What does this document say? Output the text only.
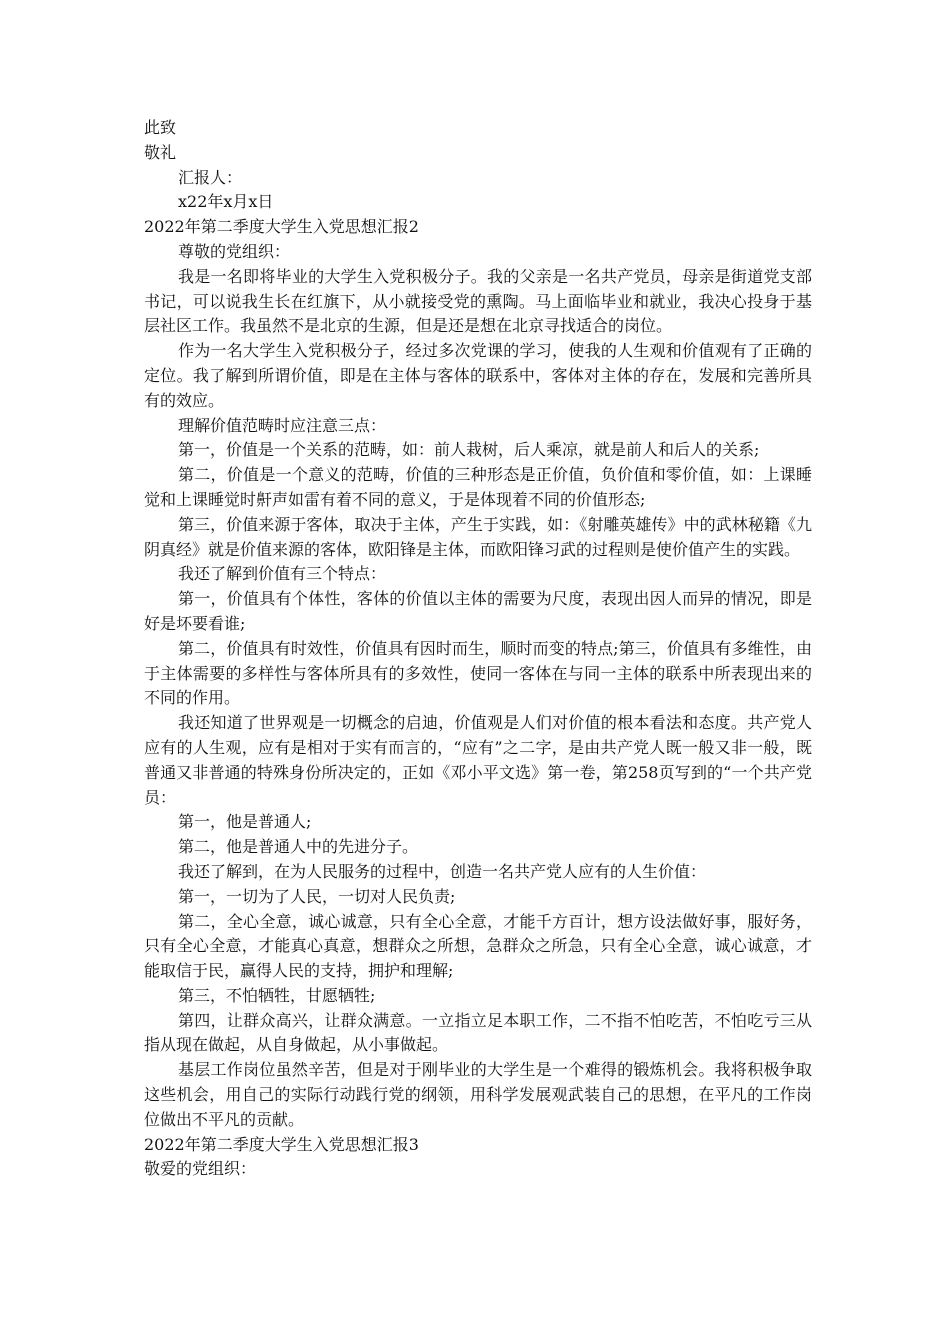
此致

敬礼

汇报人：

x22年x月x日

2022年第二季度大学生入党思想汇报2

尊敬的党组织：

我是一名即将毕业的大学生入党积极分子。我的父亲是一名共产党员，母亲是街道党支部书记，可以说我生长在红旗下，从小就接受党的熏陶。马上面临毕业和就业，我决心投身于基层社区工作。我虽然不是北京的生源，但是还是想在北京寻找适合的岗位。

作为一名大学生入党积极分子，经过多次党课的学习，使我的人生观和价值观有了正确的定位。我了解到所谓价值，即是在主体与客体的联系中，客体对主体的存在，发展和完善所具有的效应。

理解价值范畴时应注意三点：

第一，价值是一个关系的范畴，如：前人栽树，后人乘凉，就是前人和后人的关系;

第二，价值是一个意义的范畴，价值的三种形态是正价值，负价值和零价值，如：上课睡觉和上课睡觉时鼾声如雷有着不同的意义，于是体现着不同的价值形态;

第三，价值来源于客体，取决于主体，产生于实践，如：《射雕英雄传》中的武林秘籍《九阴真经》就是价值来源的客体，欧阳锋是主体，而欧阳锋习武的过程则是使价值产生的实践。

我还了解到价值有三个特点：

第一，价值具有个体性，客体的价值以主体的需要为尺度，表现出因人而异的情况，即是好是坏要看谁;

第二，价值具有时效性，价值具有因时而生，顺时而变的特点;第三，价值具有多维性，由于主体需要的多样性与客体所具有的多效性，使同一客体在与同一主体的联系中所表现出来的不同的作用。

我还知道了世界观是一切概念的启迪，价值观是人们对价值的根本看法和态度。共产党人应有的人生观，应有是相对于实有而言的，“应有”之二字，是由共产党人既一般又非一般，既普通又非普通的特殊身份所决定的，正如《邓小平文选》第一卷，第258页写到的“一个共产党员：

第一，他是普通人;

第二，他是普通人中的先进分子。

我还了解到，在为人民服务的过程中，创造一名共产党人应有的人生价值：

第一，一切为了人民，一切对人民负责;

第二，全心全意，诚心诚意，只有全心全意，才能千方百计，想方设法做好事，服好务，只有全心全意，才能真心真意，想群众之所想，急群众之所急，只有全心全意，诚心诚意，才能取信于民，赢得人民的支持，拥护和理解;

第三，不怕牺牲，甘愿牺牲;

第四，让群众高兴，让群众满意。一立指立足本职工作，二不指不怕吃苦，不怕吃亏三从指从现在做起，从自身做起，从小事做起。

基层工作岗位虽然辛苦，但是对于刚毕业的大学生是一个难得的锻炼机会。我将积极争取这些机会，用自己的实际行动践行党的纲领，用科学发展观武装自己的思想，在平凡的工作岗位做出不平凡的贡献。

2022年第二季度大学生入党思想汇报3

敬爱的党组织：
